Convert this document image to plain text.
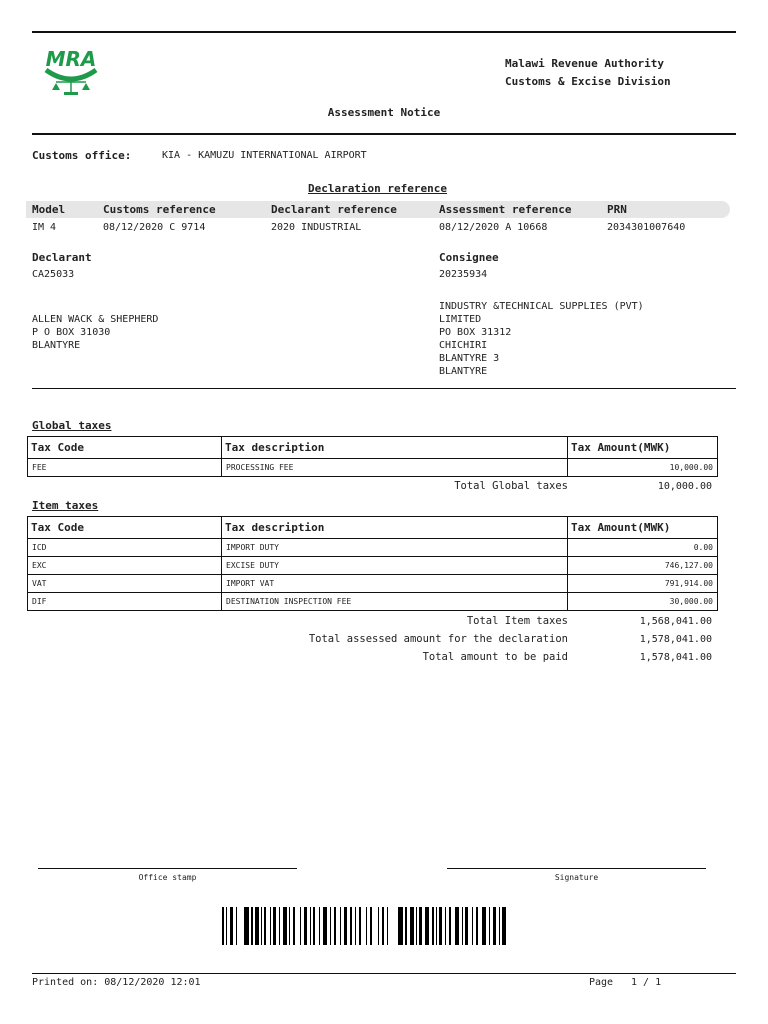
MRA	Malawi Revenue Authority
Customs & Excise Division
Assessment Notice
Customs office:	KIA - KAMUZU INTERNATIONAL AIRPORT
Declaration reference
Model	Customs reference	Declarant reference	Assessment reference	PRN
IM 4	08/12/2020 C 9714	2020 INDUSTRIAL	08/12/2020 A 10668	2034301007640
Declarant	Consignee
CA25033	20235934
ALLEN WACK & SHEPHERD
P O BOX 31030
BLANTYRE
INDUSTRY &TECHNICAL SUPPLIES (PVT)
LIMITED
PO BOX 31312
CHICHIRI
BLANTYRE 3
BLANTYRE
Global taxes
Tax Code	Tax description	Tax Amount(MWK)
FEE	PROCESSING FEE	10,000.00
Total Global taxes	10,000.00
Item taxes
Tax Code	Tax description	Tax Amount(MWK)
ICD	IMPORT DUTY	0.00
EXC	EXCISE DUTY	746,127.00
VAT	IMPORT VAT	791,914.00
DIF	DESTINATION INSPECTION FEE	30,000.00
Total Item taxes	1,568,041.00
Total assessed amount for the declaration	1,578,041.00
Total amount to be paid	1,578,041.00
Office stamp	Signature
Printed on: 08/12/2020 12:01	Page 1 / 1
